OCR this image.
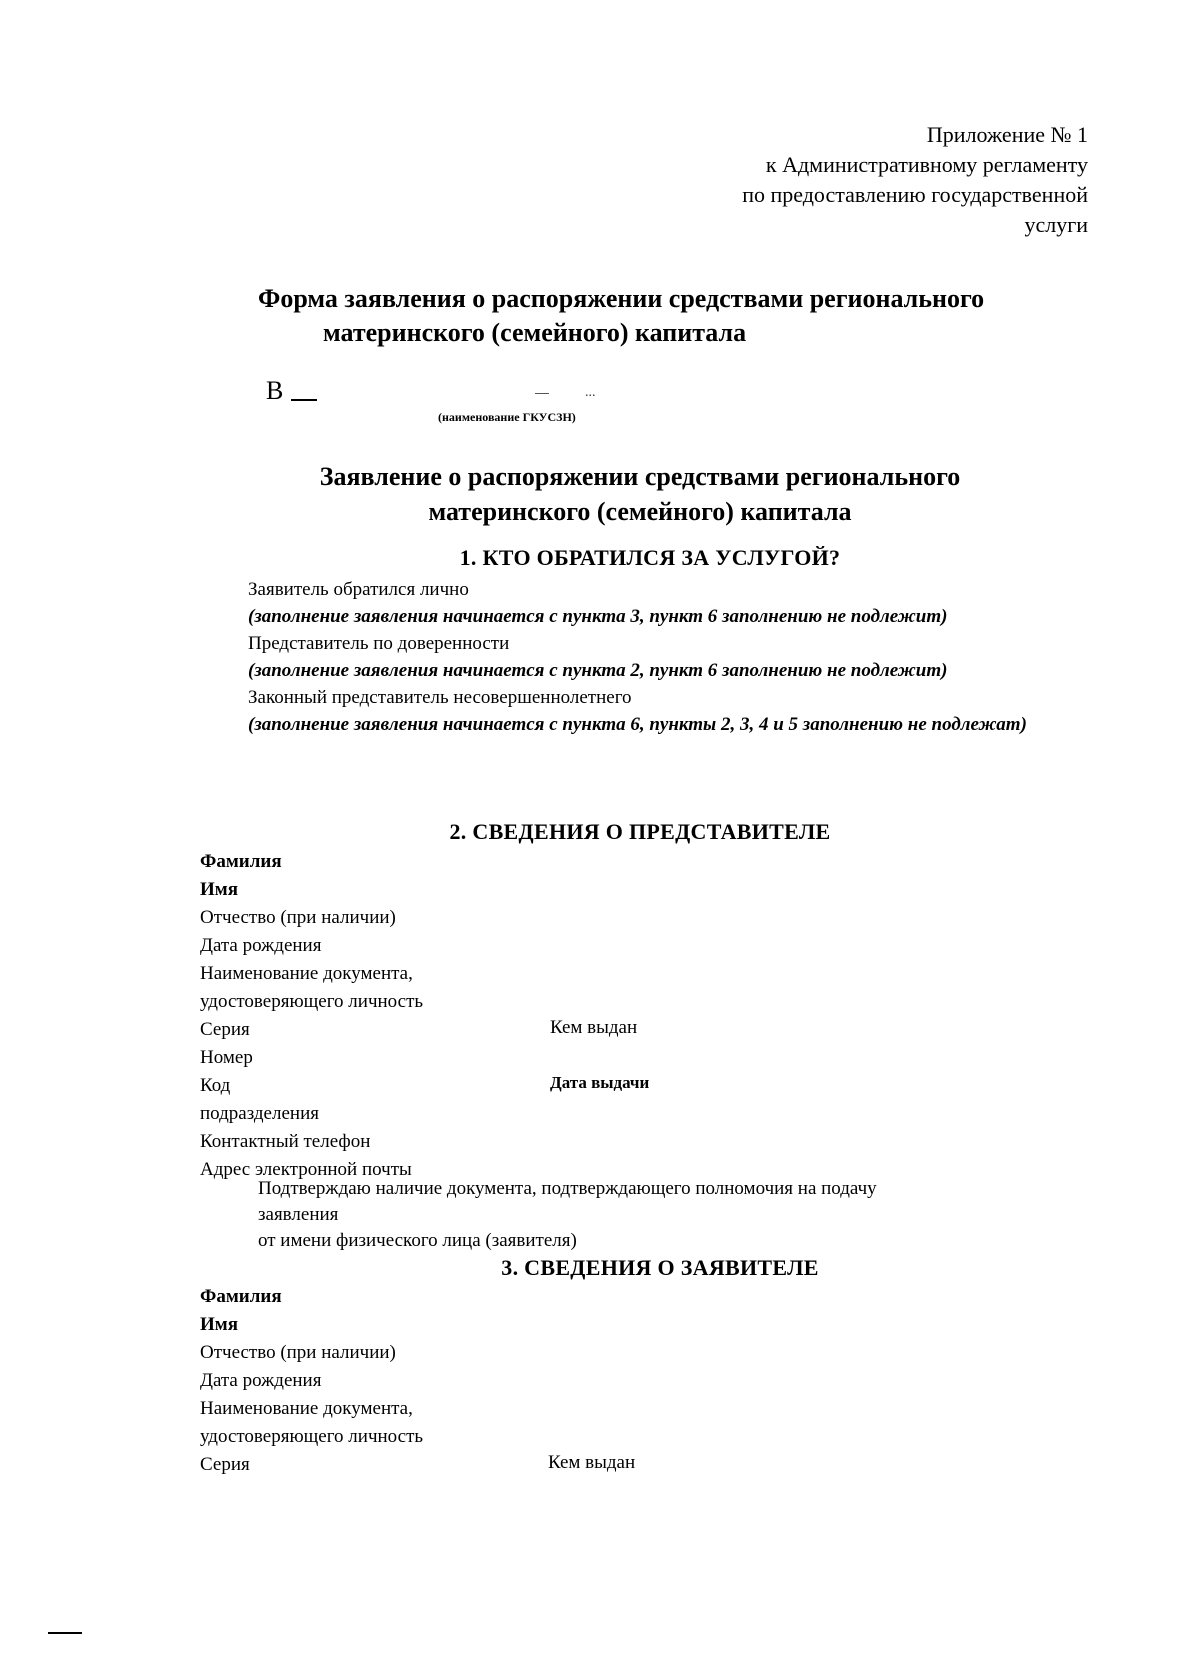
Приложение № 1
к Административному регламенту
по предоставлению государственной
услуги
Форма заявления о распоряжении средствами регионального
материнского (семейного) капитала
В	...
(наименование ГКУСЗН)
Заявление о распоряжении средствами регионального
материнского (семейного) капитала
1. КТО ОБРАТИЛСЯ ЗА УСЛУГОЙ?
Заявитель обратился лично
(заполнение заявления начинается с пункта 3, пункт 6 заполнению не подлежит)
Представитель по доверенности
(заполнение заявления начинается с пункта 2, пункт 6 заполнению не подлежит)
Законный представитель несовершеннолетнего
(заполнение заявления начинается с пункта 6, пункты 2, 3, 4 и 5 заполнению не подлежат)
2. СВЕДЕНИЯ О ПРЕДСТАВИТЕЛЕ
Фамилия
Имя
Отчество (при наличии)
Дата рождения
Наименование документа,
удостоверяющего личность
Серия
Номер
Код
подразделения
Контактный телефон
Адрес электронной почты
Кем выдан
Дата выдачи
Подтверждаю наличие документа, подтверждающего полномочия на подачу
заявления
от имени физического лица (заявителя)
3. СВЕДЕНИЯ О ЗАЯВИТЕЛЕ
Фамилия
Имя
Отчество (при наличии)
Дата рождения
Наименование документа,
удостоверяющего личность
Серия	Кем выдан
